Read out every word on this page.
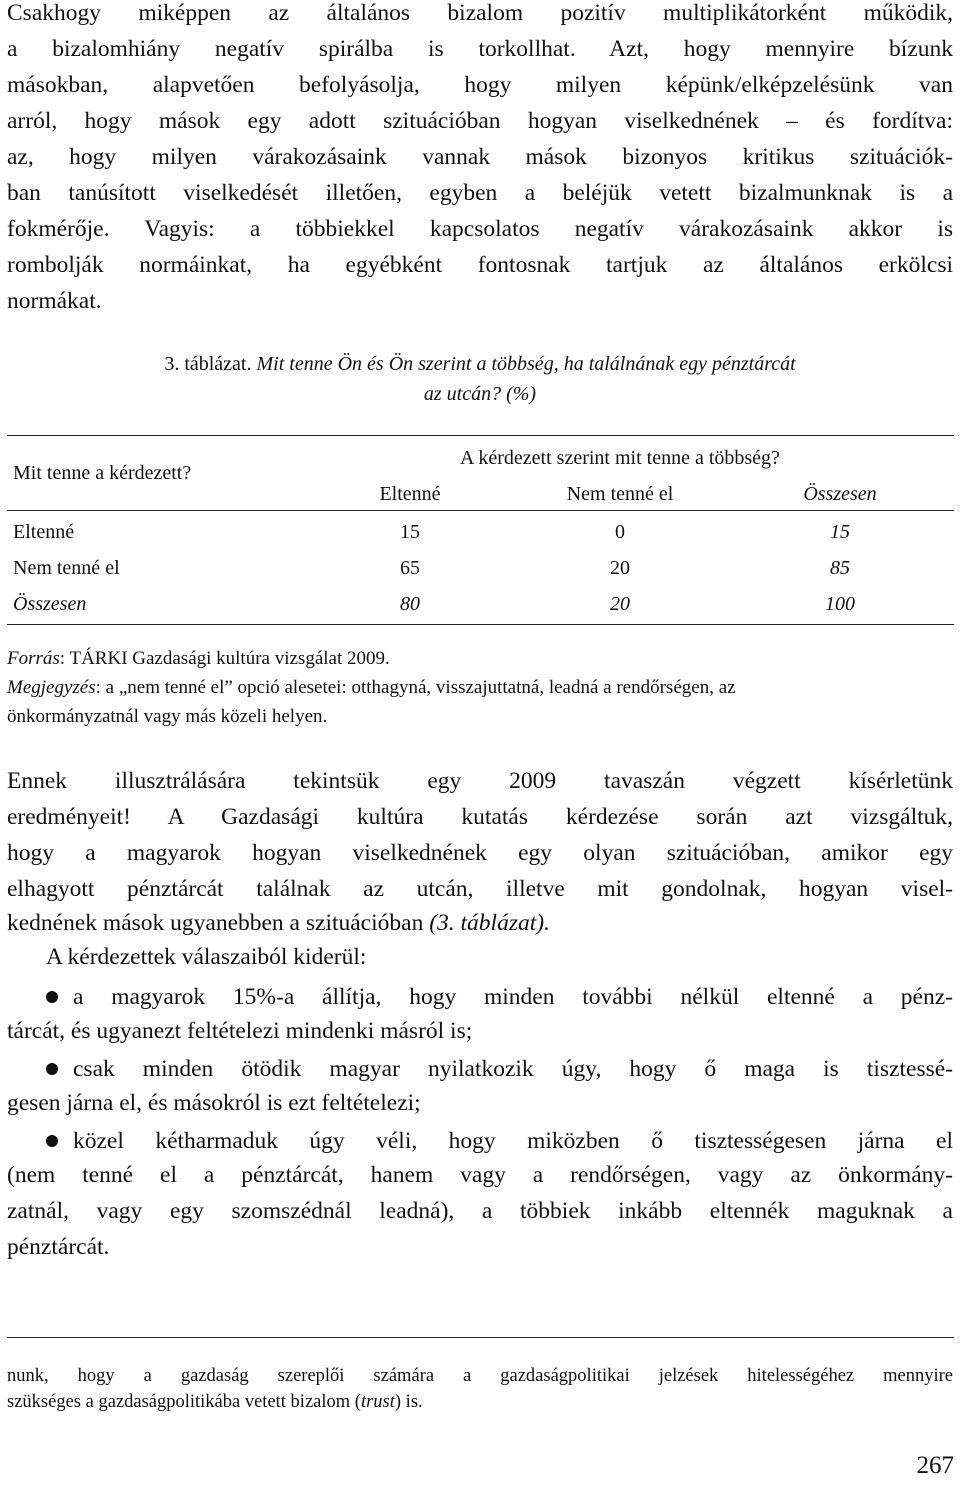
Csakhogy miképpen az általános bizalom pozitív multiplikátorként működik,
a bizalomhiány negatív spirálba is torkollhat. Azt, hogy mennyire bízunk
másokban, alapvetően befolyásolja, hogy milyen képünk/elképzelésünk van
arról, hogy mások egy adott szituációban hogyan viselkednének – és fordítva:
az, hogy milyen várakozásaink vannak mások bizonyos kritikus szituációk-
ban tanúsított viselkedését illetően, egyben a beléjük vetett bizalmunknak is a
fokmérője. Vagyis: a többiekkel kapcsolatos negatív várakozásaink akkor is
rombolják normáinkat, ha egyébként fontosnak tartjuk az általános erkölcsi
normákat.
3. táblázat. Mit tenne Ön és Ön szerint a többség, ha találnának egy pénztárcát
az utcán? (%)
Mit tenne a kérdezett?
A kérdezett szerint mit tenne a többség?
Eltenné	Nem tenné el	Összesen
Eltenné	15	0	15
Nem tenné el	65	20	85
Összesen	80	20	100
Forrás: TÁRKI Gazdasági kultúra vizsgálat 2009.
Megjegyzés: a „nem tenné el” opció alesetei: otthagyná, visszajuttatná, leadná a rendőrségen, az
önkormányzatnál vagy más közeli helyen.
Ennek illusztrálására tekintsük egy 2009 tavaszán végzett kísérletünk
eredményeit! A Gazdasági kultúra kutatás kérdezése során azt vizsgáltuk,
hogy a magyarok hogyan viselkednének egy olyan szituációban, amikor egy
elhagyott pénztárcát találnak az utcán, illetve mit gondolnak, hogyan visel-
kednének mások ugyanebben a szituációban (3. táblázat).
A kérdezettek válaszaiból kiderül:
a magyarok 15%-a állítja, hogy minden további nélkül eltenné a pénz-
tárcát, és ugyanezt feltételezi mindenki másról is;
csak minden ötödik magyar nyilatkozik úgy, hogy ő maga is tisztessé-
gesen járna el, és másokról is ezt feltételezi;
közel kétharmaduk úgy véli, hogy miközben ő tisztességesen járna el
(nem tenné el a pénztárcát, hanem vagy a rendőrségen, vagy az önkormány-
zatnál, vagy egy szomszédnál leadná), a többiek inkább eltennék maguknak a
pénztárcát.
nunk, hogy a gazdaság szereplői számára a gazdaságpolitikai jelzések hitelességéhez mennyire
szükséges a gazdaságpolitikába vetett bizalom (trust) is.
267
